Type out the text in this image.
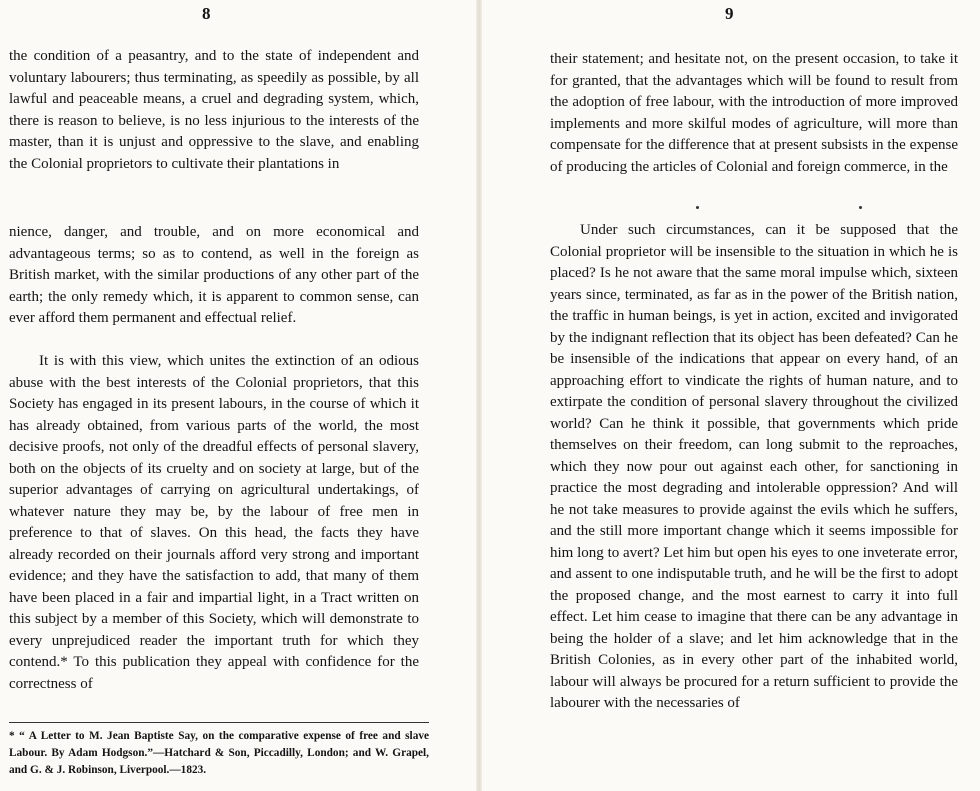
8

the condition of a peasantry, and to the state of independent and voluntary labourers; thus terminating, as speedily as possible, by all lawful and peaceable means, a cruel and degrading system, which, there is reason to believe, is no less injurious to the interests of the master, than it is unjust and oppressive to the slave, and enabling the Colonial proprietors to cultivate their plantations in

nience, danger, and trouble, and on more economical and advantageous terms; so as to contend, as well in the foreign as British market, with the similar productions of any other part of the earth; the only remedy which, it is apparent to common sense, can ever afford them permanent and effectual relief.

It is with this view, which unites the extinction of an odious abuse with the best interests of the Colonial proprietors, that this Society has engaged in its present labours, in the course of which it has already obtained, from various parts of the world, the most decisive proofs, not only of the dreadful effects of personal slavery, both on the objects of its cruelty and on society at large, but of the superior advantages of carrying on agricultural undertakings, of whatever nature they may be, by the labour of free men in preference to that of slaves. On this head, the facts they have already recorded on their journals afford very strong and important evidence; and they have the satisfaction to add, that many of them have been placed in a fair and impartial light, in a Tract written on this subject by a member of this Society, which will demonstrate to every unprejudiced reader the important truth for which they contend.* To this publication they appeal with confidence for the correctness of

* “ A Letter to M. Jean Baptiste Say, on the comparative expense of free and slave Labour. By Adam Hodgson.”—Hatchard & Son, Piccadilly, London; and W. Grapel, and G. & J. Robinson, Liverpool.—1823.
9

their statement; and hesitate not, on the present occasion, to take it for granted, that the advantages which will be found to result from the adoption of free labour, with the introduction of more improved implements and more skilful modes of agriculture, will more than compensate for the difference that at present subsists in the expense of producing the articles of Colonial and foreign commerce, in the

Under such circumstances, can it be supposed that the Colonial proprietor will be insensible to the situation in which he is placed? Is he not aware that the same moral impulse which, sixteen years since, terminated, as far as in the power of the British nation, the traffic in human beings, is yet in action, excited and invigorated by the indignant reflection that its object has been defeated? Can he be insensible of the indications that appear on every hand, of an approaching effort to vindicate the rights of human nature, and to extirpate the condition of personal slavery throughout the civilized world? Can he think it possible, that governments which pride themselves on their freedom, can long submit to the reproaches, which they now pour out against each other, for sanctioning in practice the most degrading and intolerable oppression? And will he not take measures to provide against the evils which he suffers, and the still more important change which it seems impossible for him long to avert? Let him but open his eyes to one inveterate error, and assent to one indisputable truth, and he will be the first to adopt the proposed change, and the most earnest to carry it into full effect. Let him cease to imagine that there can be any advantage in being the holder of a slave; and let him acknowledge that in the British Colonies, as in every other part of the inhabited world, labour will always be procured for a return sufficient to provide the labourer with the necessaries of
